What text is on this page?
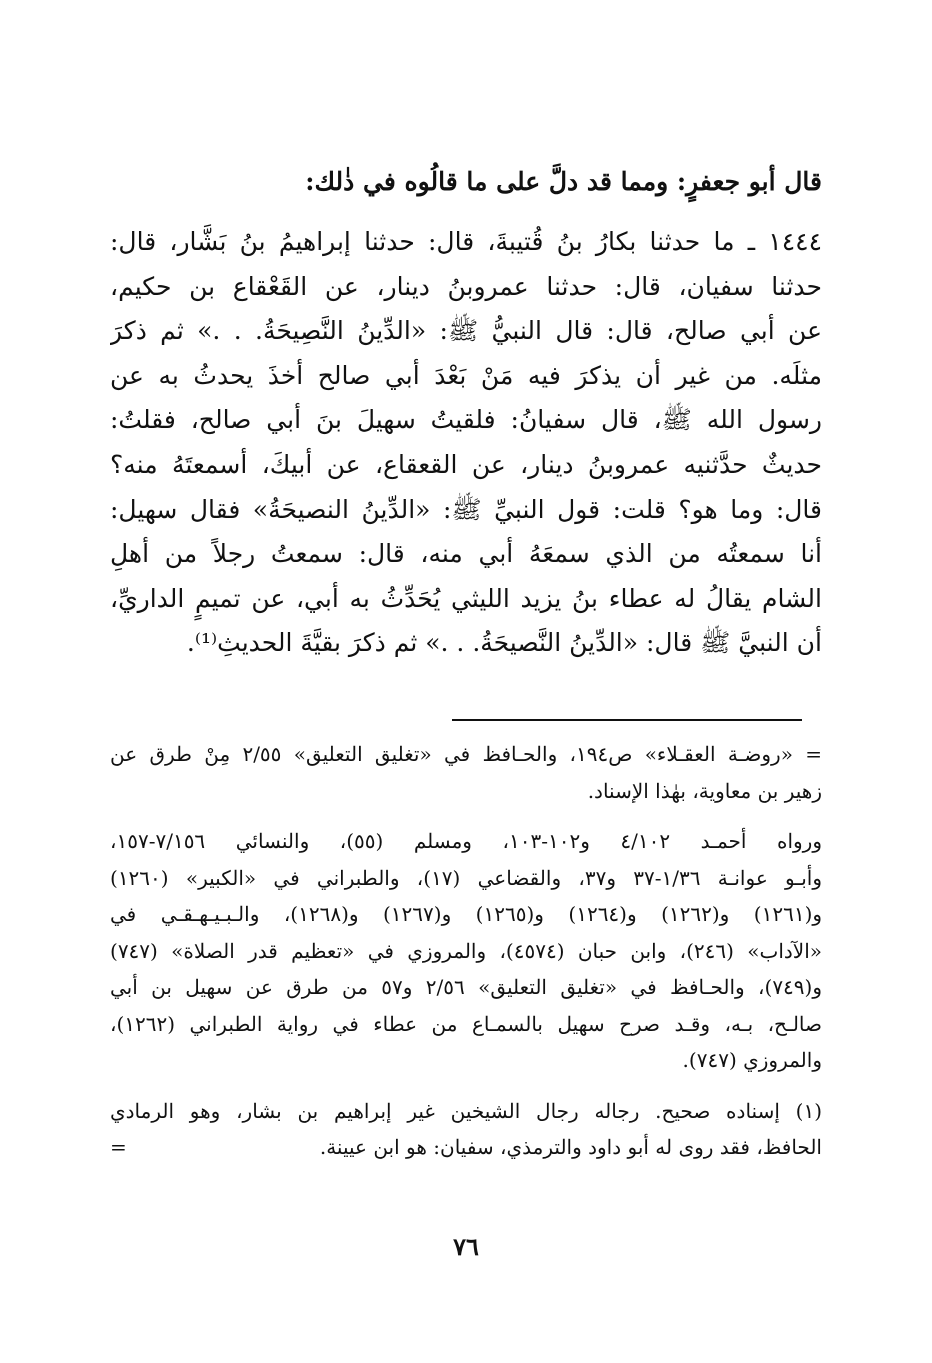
قال أبو جعفرٍ: ومما قد دلَّ على ما قالُوه في ذٰلك:
١٤٤٤ ـ ما حدثنا بكارُ بنُ قُتيبةَ، قال: حدثنا إبراهيمُ بنُ بَشَّار، قال:
حدثنا سفيان، قال: حدثنا عمروبنُ دينار، عن القَعْقاع بن حكيم،
عن أبي صالح، قال: قال النبيُّ ﷺ: «الدِّينُ النَّصِيحَةُ. . .» ثم ذكرَ
مثلَه. من غير أن يذكرَ فيه مَنْ بَعْدَ أبي صالح أخذَ يحدثُ به عن
رسول الله ﷺ، قال سفيانُ: فلقيتُ سهيلَ بنَ أبي صالح، فقلتُ:
حديثٌ حدَّثنيه عمروبنُ دينار، عن القعقاع، عن أبيكَ، أسمعتَهُ منه؟
قال: وما هو؟ قلت: قول النبيِّ ﷺ: «الدِّينُ النصيحَةُ» فقال سهيل:
أنا سمعتُه من الذي سمعَهُ أبي منه، قال: سمعتُ رجلاً من أهلِ
الشام يقالُ له عطاء بنُ يزيد الليثي يُحَدِّثُ به أبي، عن تميمٍ الداريِّ،
أن النبيَّ ﷺ قال: «الدِّينُ النَّصيحَةُ. . .» ثم ذكرَ بقيَّةَ الحديثِ⁽¹⁾.
= «روضـة العقـلاء» ص١٩٤، والحـافظ في «تغليق التعليق» ٢/٥٥ مِنْ طرق عن
زهير بن معاوية، بهٰذا الإسناد.
ورواه أحمـد ٤/١٠٢ و١٠٢-١٠٣، ومسلم (٥٥)، والنسائي ٧/١٥٦-١٥٧،
وأبـو عوانـة ١/٣٦-٣٧ و٣٧، والقضاعي (١٧)، والطبراني في «الكبير» (١٢٦٠)
و(١٢٦١) و(١٢٦٢) و(١٢٦٤) و(١٢٦٥) و(١٢٦٧) و(١٢٦٨)، والـبـيـهـقـي في
«الآداب» (٢٤٦)، وابن حبان (٤٥٧٤)، والمروزي في «تعظيم قدر الصلاة» (٧٤٧)
و(٧٤٩)، والحـافظ في «تغليق التعليق» ٢/٥٦ و٥٧ من طرق عن سهيل بن أبي
صالـح، بـه، وقـد صرح سهيل بالسمـاع من عطاء في رواية الطبراني (١٢٦٢)،
والمروزي (٧٤٧).
(١) إسناده صحيح. رجاله رجال الشيخين غير إبراهيم بن بشار، وهو الرمادي
الحافظ، فقد روى له أبو داود والترمذي، سفيان: هو ابن عيينة.
=
٧٦
